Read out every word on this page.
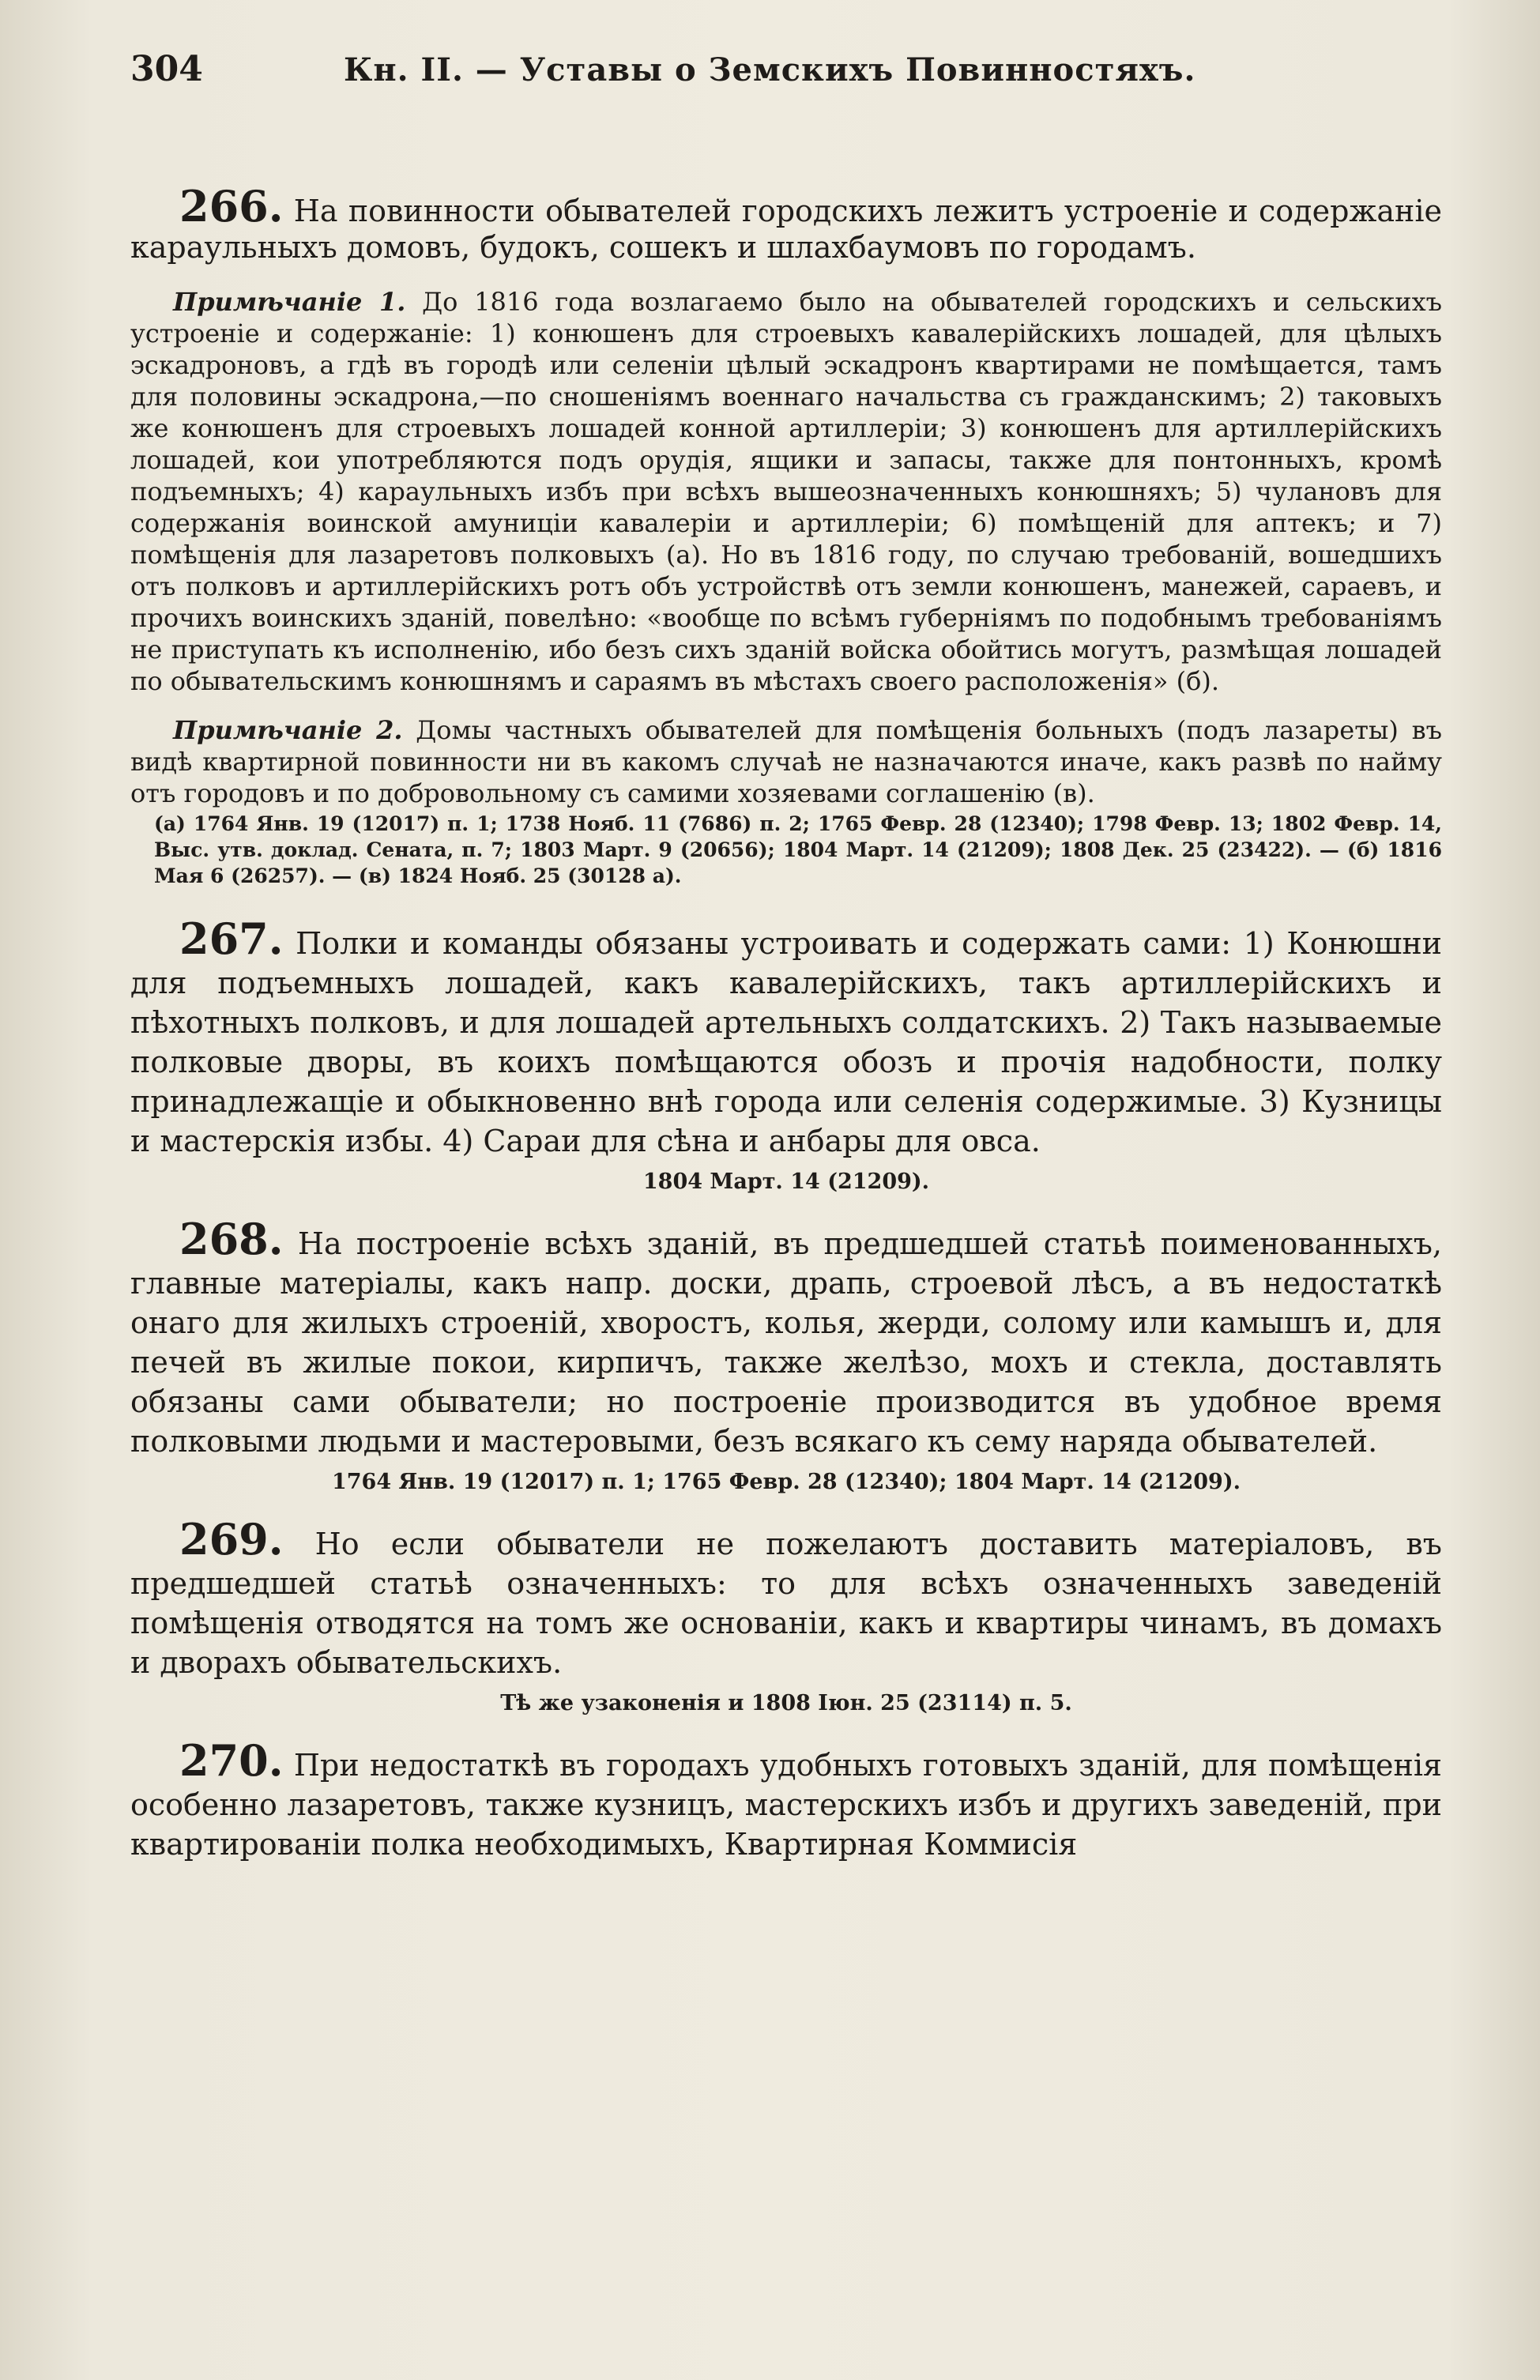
304	Кн. II. — Уставы о Земскихъ Повинностяхъ.

266. На повинности обывателей городскихъ лежитъ устроеніе и содержаніе караульныхъ домовъ, будокъ, сошекъ и шлахбаумовъ по городамъ.

Примѣчаніе 1. До 1816 года возлагаемо было на обывателей городскихъ и сельскихъ устроеніе и содержаніе: 1) конюшенъ для строевыхъ кавалерійскихъ лошадей, для цѣлыхъ эскадроновъ, а гдѣ въ городѣ или селеніи цѣлый эскадронъ квартирами не помѣщается, тамъ для половины эскадрона,—по сношеніямъ военнаго начальства съ гражданскимъ; 2) таковыхъ же конюшенъ для строевыхъ лошадей конной артиллеріи; 3) конюшенъ для артиллерійскихъ лошадей, кои употребляются подъ орудія, ящики и запасы, также для понтонныхъ, кромѣ подъемныхъ; 4) караульныхъ избъ при всѣхъ вышеозначенныхъ конюшняхъ; 5) чулановъ для содержанія воинской амуниціи кавалеріи и артиллеріи; 6) помѣщеній для аптекъ; и 7) помѣщенія для лазаретовъ полковыхъ (а). Но въ 1816 году, по случаю требованій, вошедшихъ отъ полковъ и артиллерійскихъ ротъ объ устройствѣ отъ земли конюшенъ, манежей, сараевъ, и прочихъ воинскихъ зданій, повелѣно: «вообще по всѣмъ губерніямъ по подобнымъ требованіямъ не приступать къ исполненію, ибо безъ сихъ зданій войска обойтись могутъ, размѣщая лошадей по обывательскимъ конюшнямъ и сараямъ въ мѣстахъ своего расположенія» (б).

Примѣчаніе 2. Домы частныхъ обывателей для помѣщенія больныхъ (подъ лазареты) въ видѣ квартирной повинности ни въ какомъ случаѣ не назначаются иначе, какъ развѣ по найму отъ городовъ и по добровольному съ самими хозяевами соглашенію (в).

(а) 1764 Янв. 19 (12017) п. 1; 1738 Нояб. 11 (7686) п. 2; 1765 Февр. 28 (12340); 1798 Февр. 13; 1802 Февр. 14, Выс. утв. доклад. Сената, п. 7; 1803 Март. 9 (20656); 1804 Март. 14 (21209); 1808 Дек. 25 (23422). — (б) 1816 Мая 6 (26257). — (в) 1824 Нояб. 25 (30128 а).

267. Полки и команды обязаны устроивать и содержать сами: 1) Конюшни для подъемныхъ лошадей, какъ кавалерійскихъ, такъ артиллерійскихъ и пѣхотныхъ полковъ, и для лошадей артельныхъ солдатскихъ. 2) Такъ называемые полковые дворы, въ коихъ помѣщаются обозъ и прочія надобности, полку принадлежащіе и обыкновенно внѣ города или селенія содержимые. 3) Кузницы и мастерскія избы. 4) Сараи для сѣна и анбары для овса.

1804 Март. 14 (21209).

268. На построеніе всѣхъ зданій, въ предшедшей статьѣ поименованныхъ, главные матеріалы, какъ напр. доски, драпь, строевой лѣсъ, а въ недостаткѣ онаго для жилыхъ строеній, хворостъ, колья, жерди, солому или камышъ и, для печей въ жилые покои, кирпичъ, также желѣзо, мохъ и стекла, доставлять обязаны сами обыватели; но построеніе производится въ удобное время полковыми людьми и мастеровыми, безъ всякаго къ сему наряда обывателей.

1764 Янв. 19 (12017) п. 1; 1765 Февр. 28 (12340); 1804 Март. 14 (21209).

269. Но если обыватели не пожелаютъ доставить матеріаловъ, въ предшедшей статьѣ означенныхъ: то для всѣхъ означенныхъ заведеній помѣщенія отводятся на томъ же основаніи, какъ и квартиры чинамъ, въ домахъ и дворахъ обывательскихъ.

Тѣ же узаконенія и 1808 Іюн. 25 (23114) п. 5.

270. При недостаткѣ въ городахъ удобныхъ готовыхъ зданій, для помѣщенія особенно лазаретовъ, также кузницъ, мастерскихъ избъ и другихъ заведеній, при квартированіи полка необходимыхъ, Квартирная Коммисія
